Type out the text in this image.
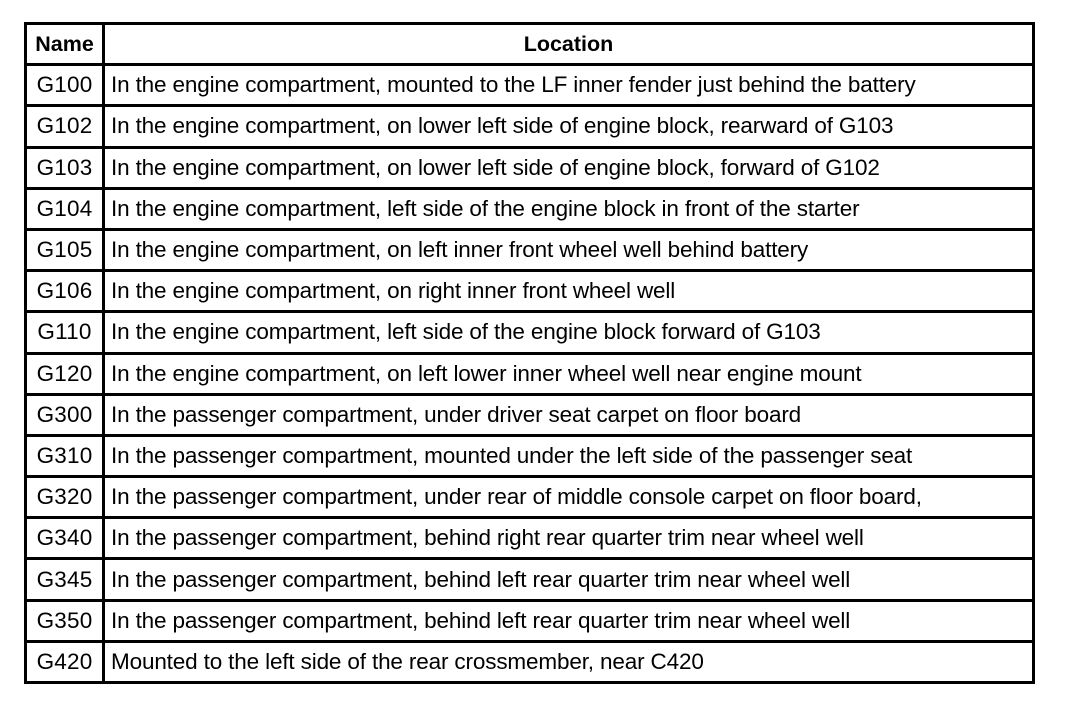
Name	Location
G100	In the engine compartment, mounted to the LF inner fender just behind the battery
G102	In the engine compartment, on lower left side of engine block, rearward of G103
G103	In the engine compartment, on lower left side of engine block, forward of G102
G104	In the engine compartment, left side of the engine block in front of the starter
G105	In the engine compartment, on left inner front wheel well behind battery
G106	In the engine compartment, on right inner front wheel well
G110	In the engine compartment, left side of the engine block forward of G103
G120	In the engine compartment, on left lower inner wheel well near engine mount
G300	In the passenger compartment, under driver seat carpet on floor board
G310	In the passenger compartment, mounted under the left side of the passenger seat
G320	In the passenger compartment, under rear of middle console carpet on floor board,
G340	In the passenger compartment, behind right rear quarter trim near wheel well
G345	In the passenger compartment, behind left rear quarter trim near wheel well
G350	In the passenger compartment, behind left rear quarter trim near wheel well
G420	Mounted to the left side of the rear crossmember, near C420
